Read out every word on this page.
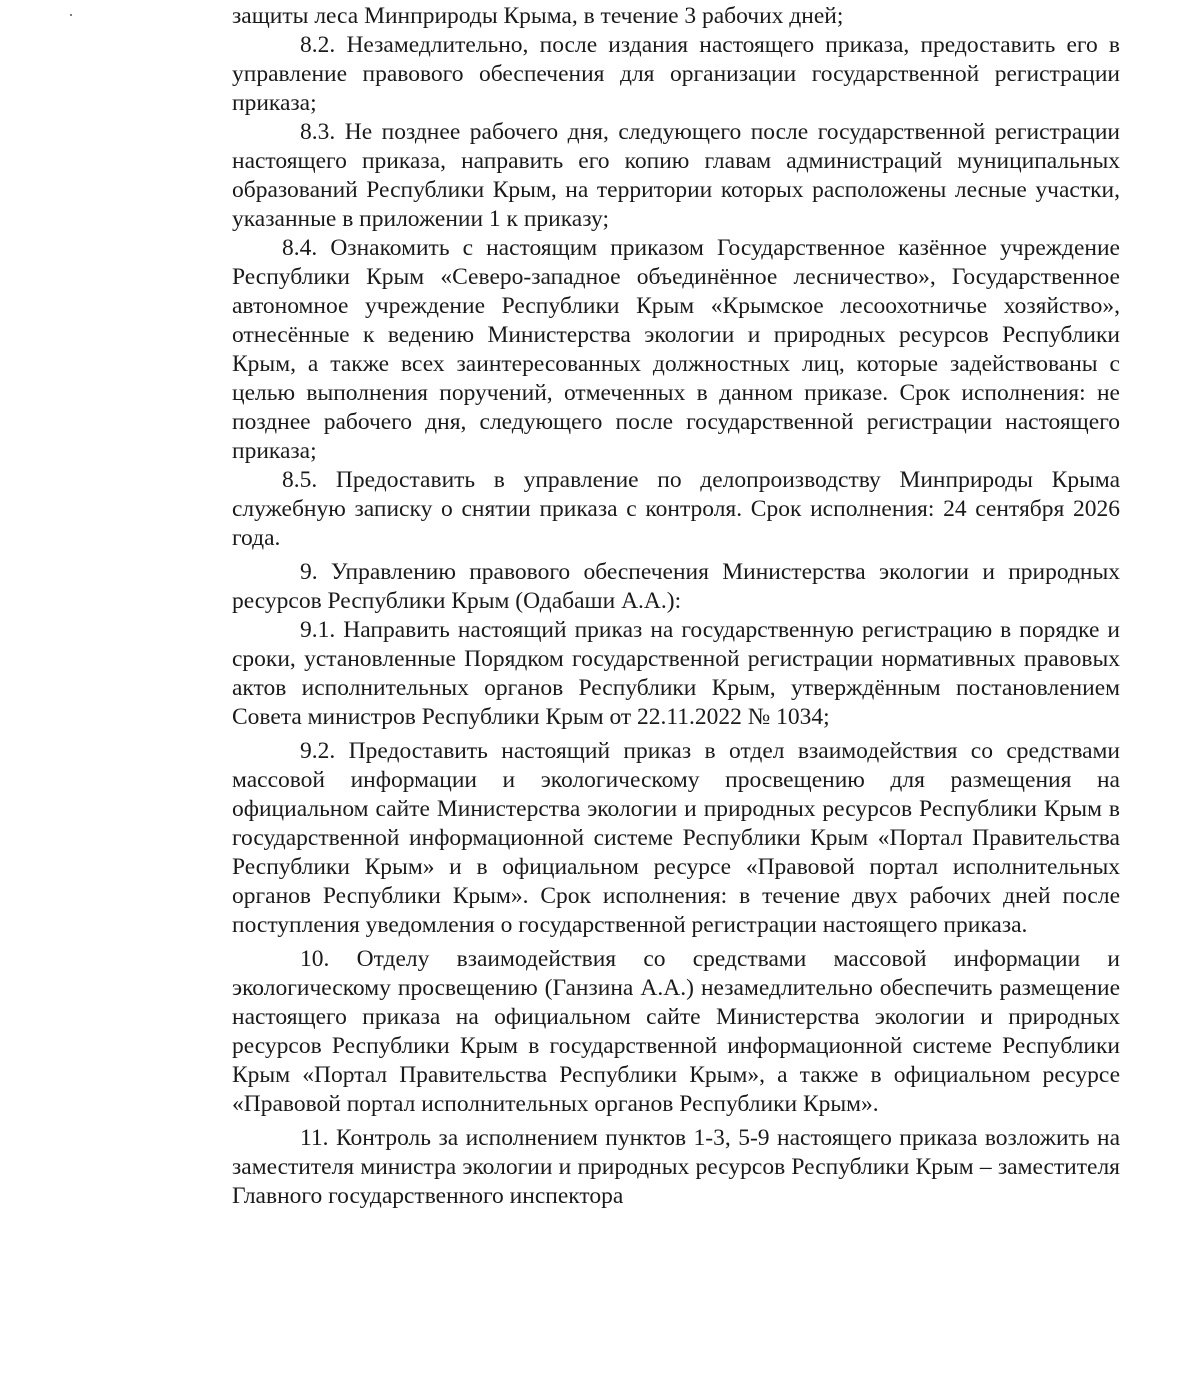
защиты леса Минприроды Крыма, в течение 3 рабочих дней;

8.2. Незамедлительно, после издания настоящего приказа, предоставить его в управление правового обеспечения для организации государственной регистрации приказа;

8.3. Не позднее рабочего дня, следующего после государственной регистрации настоящего приказа, направить его копию главам администраций муниципальных образований Республики Крым, на территории которых расположены лесные участки, указанные в приложении 1 к приказу;

8.4. Ознакомить с настоящим приказом Государственное казённое учреждение Республики Крым «Северо-западное объединённое лесничество», Государственное автономное учреждение Республики Крым «Крымское лесоохотничье хозяйство», отнесённые к ведению Министерства экологии и природных ресурсов Республики Крым, а также всех заинтересованных должностных лиц, которые задействованы с целью выполнения поручений, отмеченных в данном приказе. Срок исполнения: не позднее рабочего дня, следующего после государственной регистрации настоящего приказа;

8.5. Предоставить в управление по делопроизводству Минприроды Крыма служебную записку о снятии приказа с контроля. Срок исполнения: 24 сентября 2026 года.

9. Управлению правового обеспечения Министерства экологии и природных ресурсов Республики Крым (Одабаши А.А.):

9.1. Направить настоящий приказ на государственную регистрацию в порядке и сроки, установленные Порядком государственной регистрации нормативных правовых актов исполнительных органов Республики Крым, утверждённым постановлением Совета министров Республики Крым от 22.11.2022 № 1034;

9.2. Предоставить настоящий приказ в отдел взаимодействия со средствами массовой информации и экологическому просвещению для размещения на официальном сайте Министерства экологии и природных ресурсов Республики Крым в государственной информационной системе Республики Крым «Портал Правительства Республики Крым» и в официальном ресурсе «Правовой портал исполнительных органов Республики Крым». Срок исполнения: в течение двух рабочих дней после поступления уведомления о государственной регистрации настоящего приказа.

10. Отделу взаимодействия со средствами массовой информации и экологическому просвещению (Ганзина А.А.) незамедлительно обеспечить размещение настоящего приказа на официальном сайте Министерства экологии и природных ресурсов Республики Крым в государственной информационной системе Республики Крым «Портал Правительства Республики Крым», а также в официальном ресурсе «Правовой портал исполнительных органов Республики Крым».

11. Контроль за исполнением пунктов 1-3, 5-9 настоящего приказа возложить на заместителя министра экологии и природных ресурсов Республики Крым – заместителя Главного государственного инспектора
